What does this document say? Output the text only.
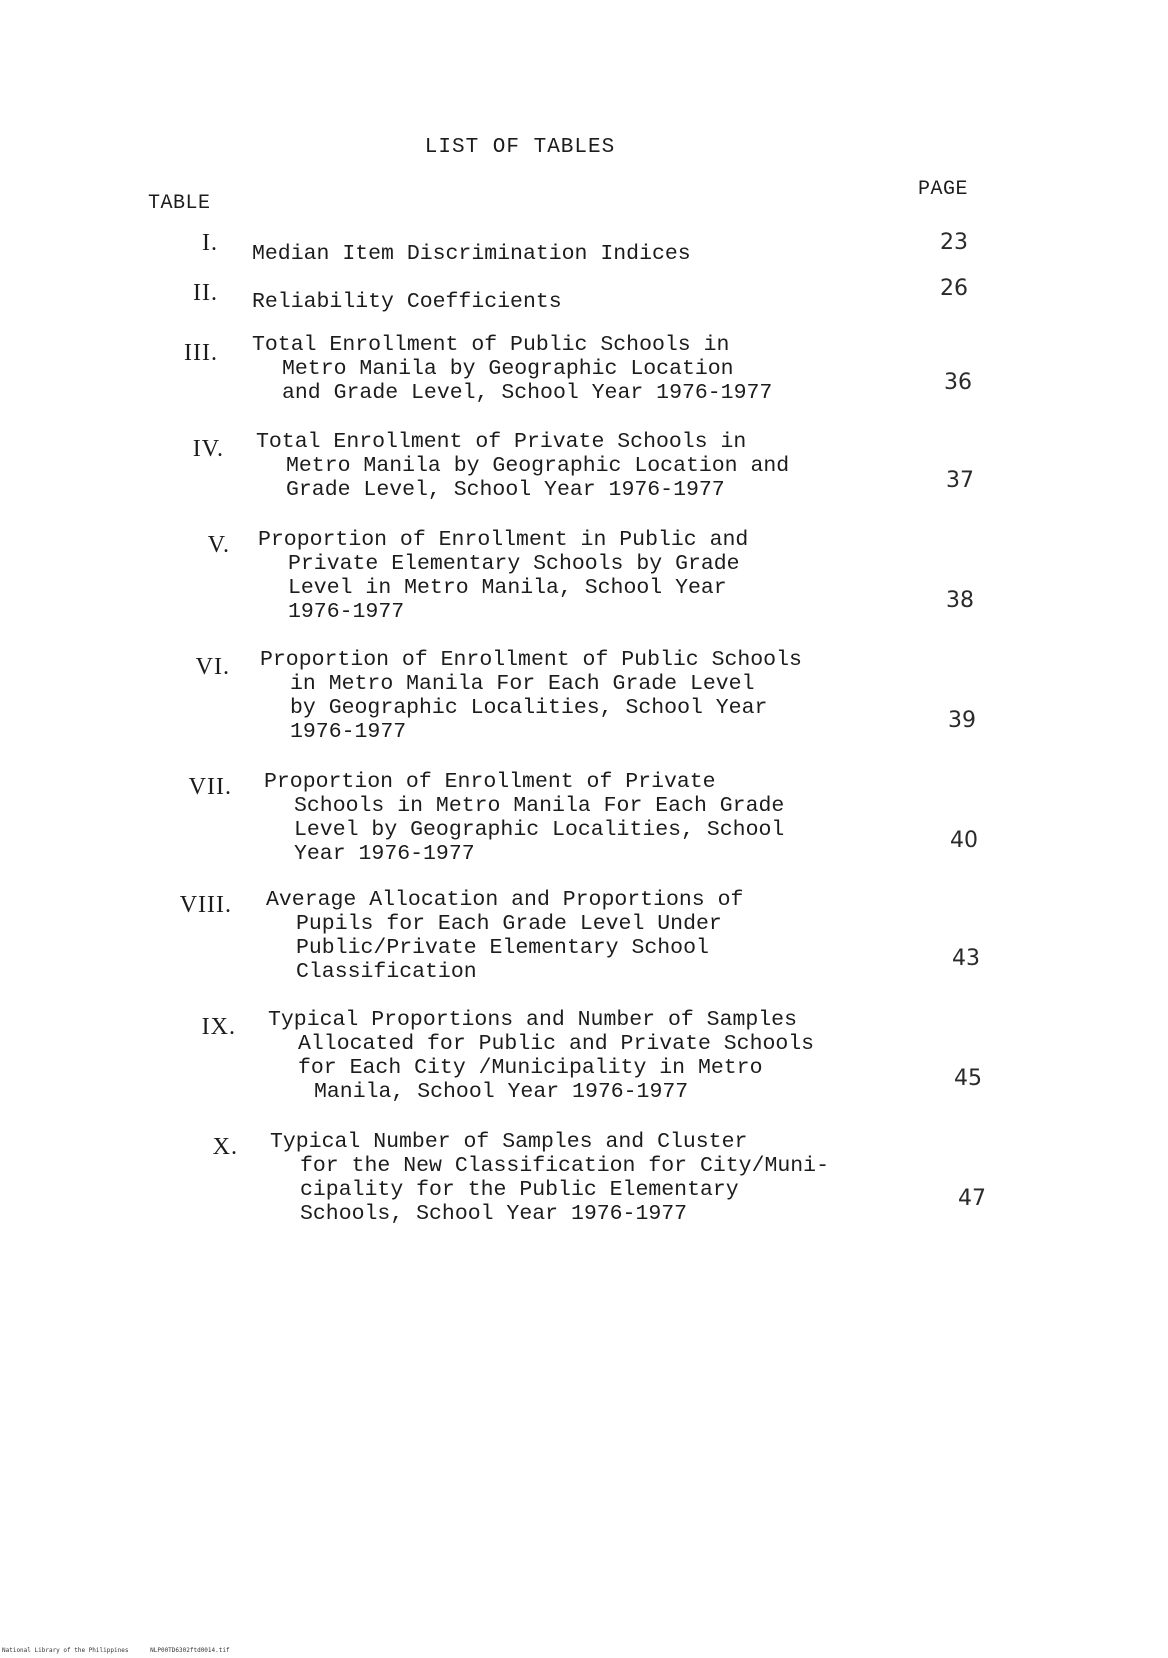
LIST OF TABLES
TABLE
PAGE
I. Median Item Discrimination Indices	23
II. Reliability Coefficients
26
III. Total Enrollment of Public Schools in
Metro Manila by Geographic Location
and Grade Level, School Year 1976-1977	36
IV. Total Enrollment of Private Schools in
Metro Manila by Geographic Location and
Grade Level, School Year 1976-1977	37
V. Proportion of Enrollment in Public and
Private Elementary Schools by Grade
Level in Metro Manila, School Year
1976-1977	38
VI. Proportion of Enrollment of Public Schools
in Metro Manila For Each Grade Level
by Geographic Localities, School Year
1976-1977	39
VII. Proportion of Enrollment of Private
Schools in Metro Manila For Each Grade
Level by Geographic Localities, School
Year 1976-1977
40
VIII. Average Allocation and Proportions of
Pupils for Each Grade Level Under
Public/Private Elementary School
Classification
43
IX. Typical Proportions and Number of Samples
Allocated for Public and Private Schools
for Each City /Municipality in Metro
Manila, School Year 1976-1977
45
X. Typical Number of Samples and Cluster
for the New Classification for City/Muni-
cipality for the Public Elementary
Schools, School Year 1976-1977
47
National Library of the Philippines	NLP00TD6302ftd0014.tif
